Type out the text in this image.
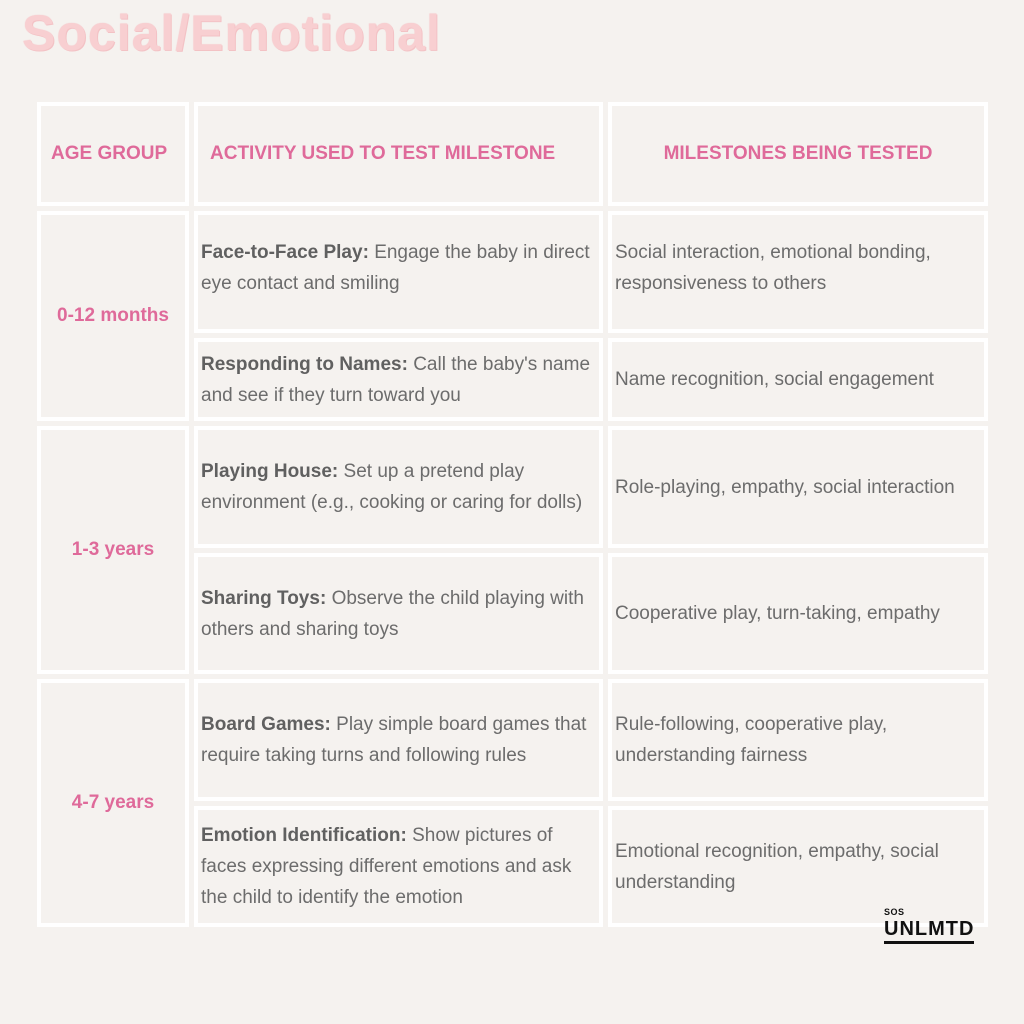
Social/Emotional
AGE GROUP	ACTIVITY USED TO TEST MILESTONE	MILESTONES BEING TESTED
0-12 months
Face-to-Face Play: Engage the baby in direct eye contact and smiling
Social interaction, emotional bonding, responsiveness to others
Responding to Names: Call the baby's name and see if they turn toward you
Name recognition, social engagement
1-3 years
Playing House: Set up a pretend play environment (e.g., cooking or caring for dolls)
Role-playing, empathy, social interaction
Sharing Toys: Observe the child playing with others and sharing toys
Cooperative play, turn-taking, empathy
4-7 years
Board Games: Play simple board games that require taking turns and following rules
Rule-following, cooperative play, understanding fairness
Emotion Identification: Show pictures of faces expressing different emotions and ask the child to identify the emotion
Emotional recognition, empathy, social understanding
SOS
UNLMTD
